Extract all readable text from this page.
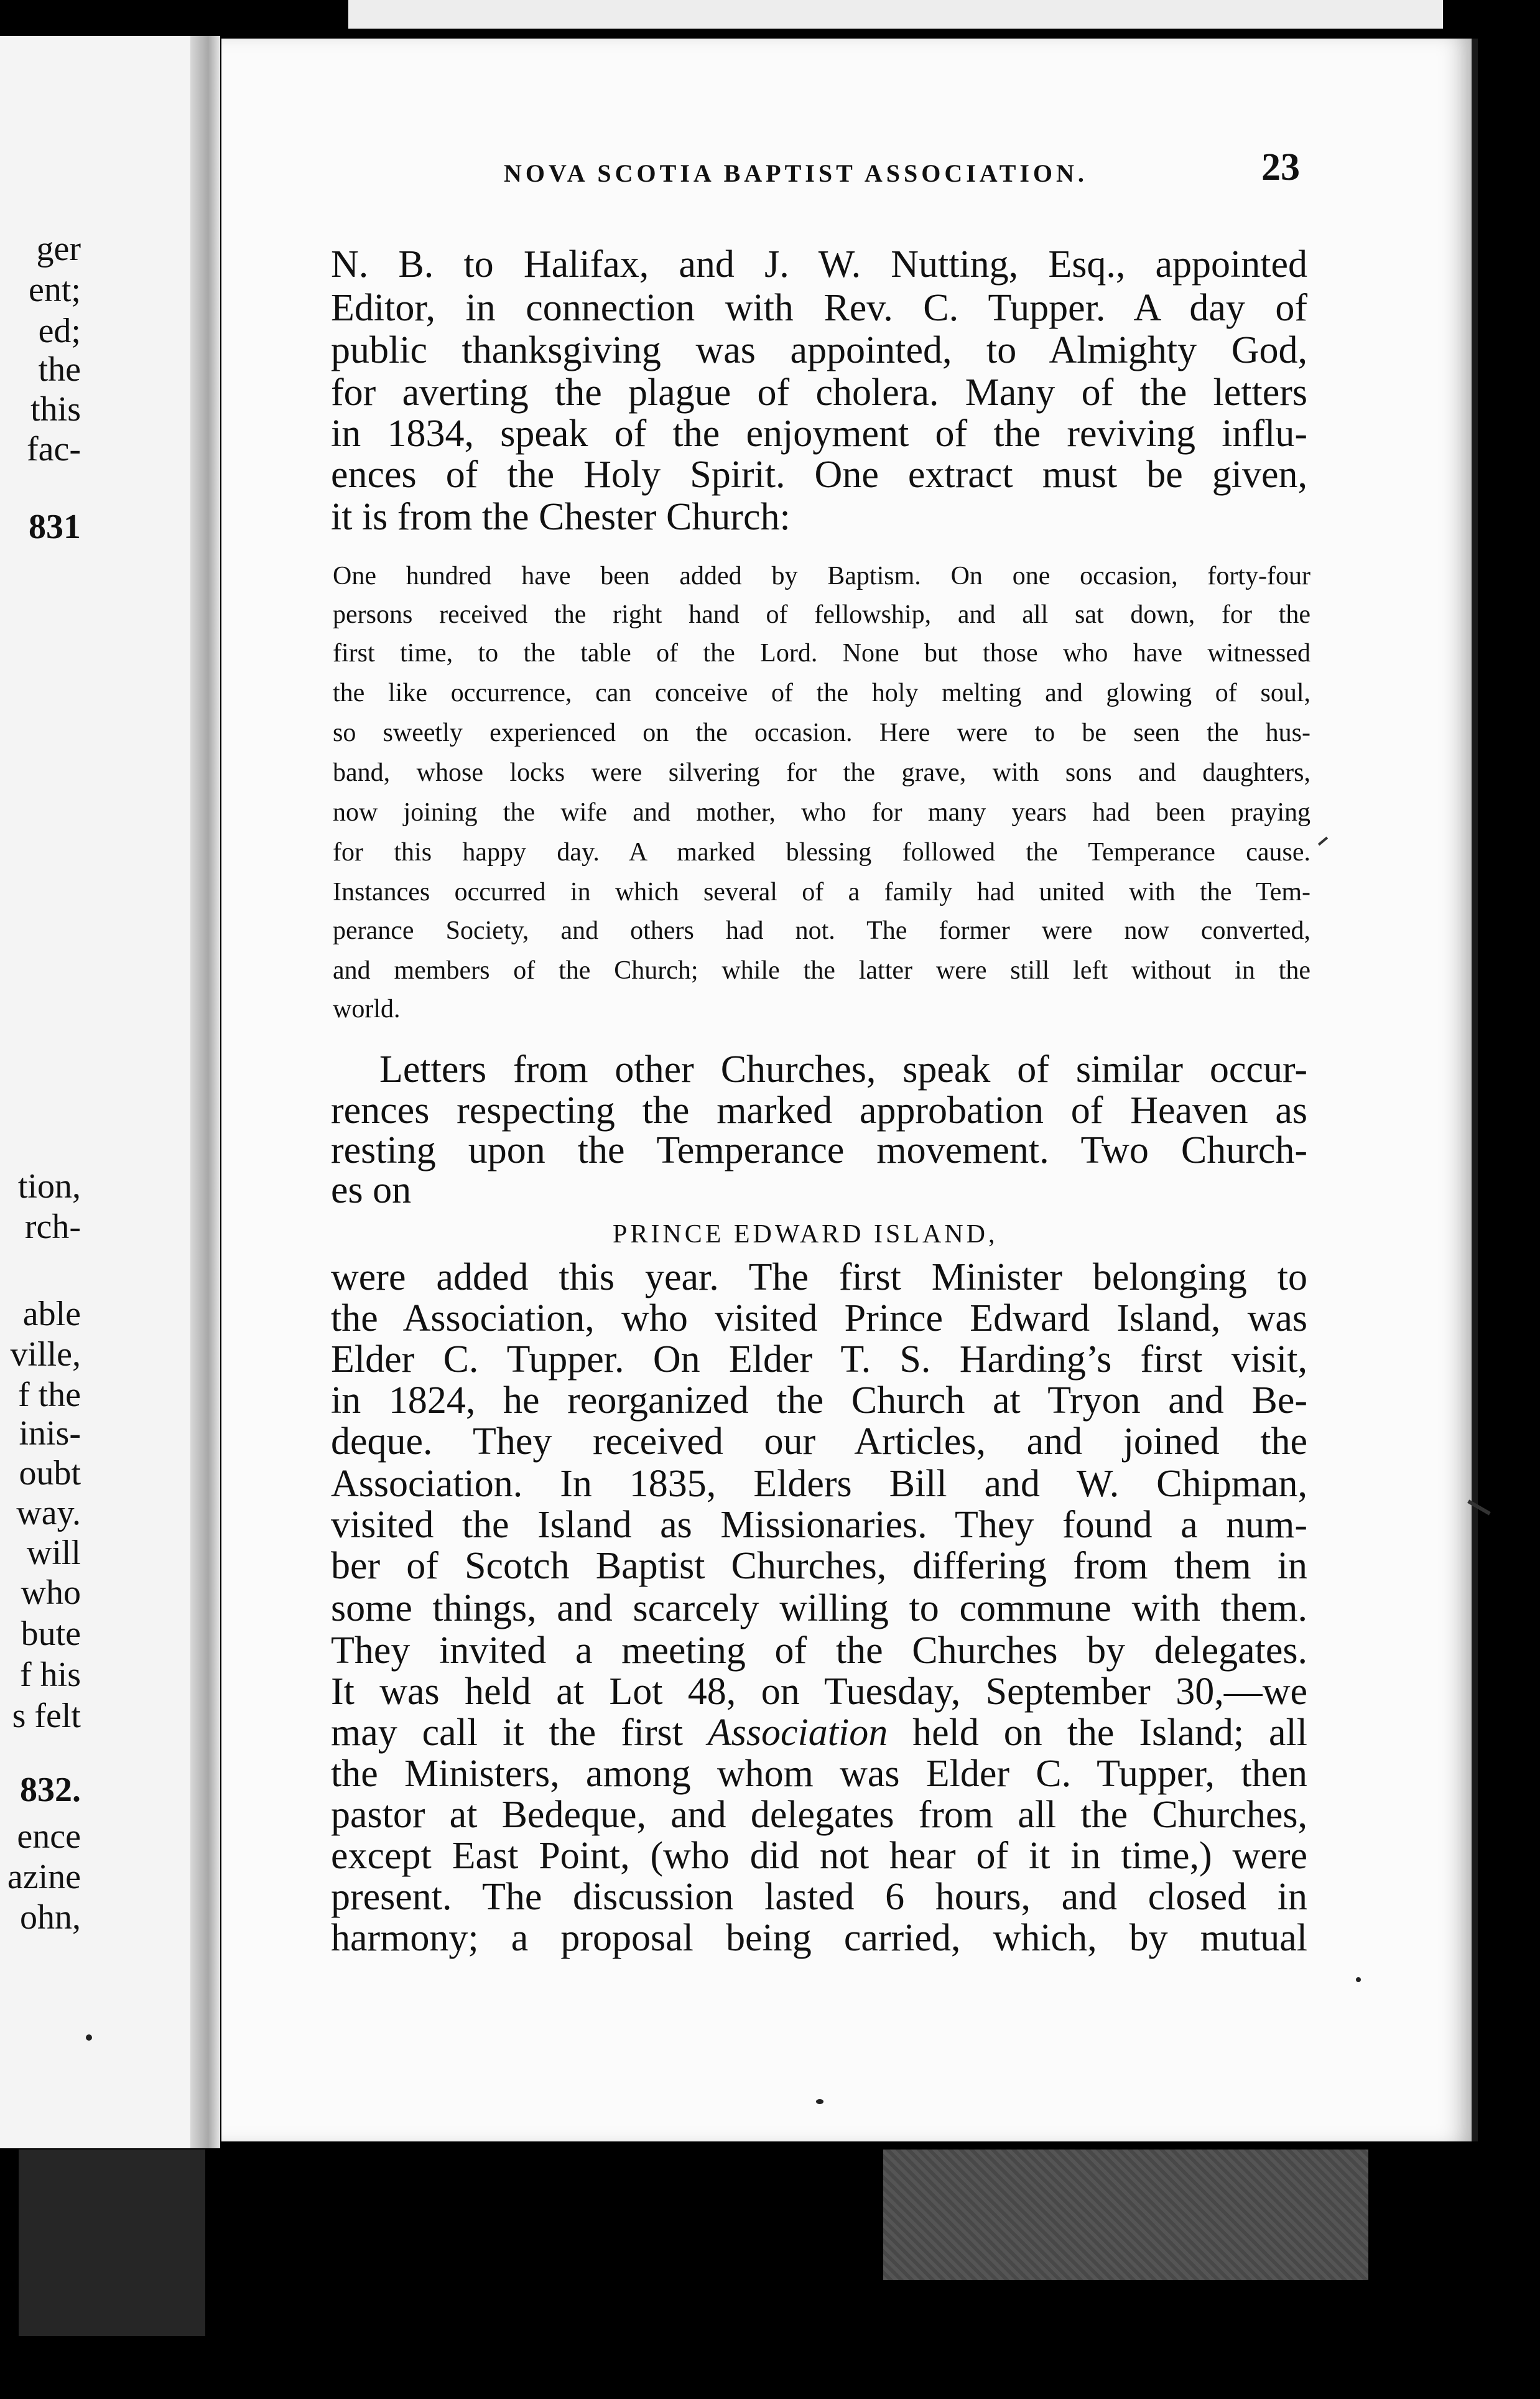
ger
ent;
ed;
the
this
fac-
831
tion,
rch-
able
ville,
f the
inis-
oubt
way.
will
who
bute
f his
s felt
832.
ence
azine
ohn,
NOVA SCOTIA BAPTIST ASSOCIATION.	23
N. B. to Halifax, and J. W. Nutting, Esq., appointed
Editor, in connection with Rev. C. Tupper. A day of
public thanksgiving was appointed, to Almighty God,
for averting the plague of cholera. Many of the letters
in 1834, speak of the enjoyment of the reviving influ-
ences of the Holy Spirit. One extract must be given,
it is from the Chester Church:
One hundred have been added by Baptism. On one occasion, forty-four
persons received the right hand of fellowship, and all sat down, for the
first time, to the table of the Lord. None but those who have witnessed
the like occurrence, can conceive of the holy melting and glowing of soul,
so sweetly experienced on the occasion. Here were to be seen the hus-
band, whose locks were silvering for the grave, with sons and daughters,
now joining the wife and mother, who for many years had been praying
for this happy day. A marked blessing followed the Temperance cause.
Instances occurred in which several of a family had united with the Tem-
perance Society, and others had not. The former were now converted,
and members of the Church; while the latter were still left without in the
world.
Letters from other Churches, speak of similar occur-
rences respecting the marked approbation of Heaven as
resting upon the Temperance movement. Two Church-
es on
PRINCE EDWARD ISLAND,
were added this year. The first Minister belonging to
the Association, who visited Prince Edward Island, was
Elder C. Tupper. On Elder T. S. Harding’s first visit,
in 1824, he reorganized the Church at Tryon and Be-
deque. They received our Articles, and joined the
Association. In 1835, Elders Bill and W. Chipman,
visited the Island as Missionaries. They found a num-
ber of Scotch Baptist Churches, differing from them in
some things, and scarcely willing to commune with them.
They invited a meeting of the Churches by delegates.
It was held at Lot 48, on Tuesday, September 30,—we
may call it the first Association held on the Island; all
the Ministers, among whom was Elder C. Tupper, then
pastor at Bedeque, and delegates from all the Churches,
except East Point, (who did not hear of it in time,) were
present. The discussion lasted 6 hours, and closed in
harmony; a proposal being carried, which, by mutual
